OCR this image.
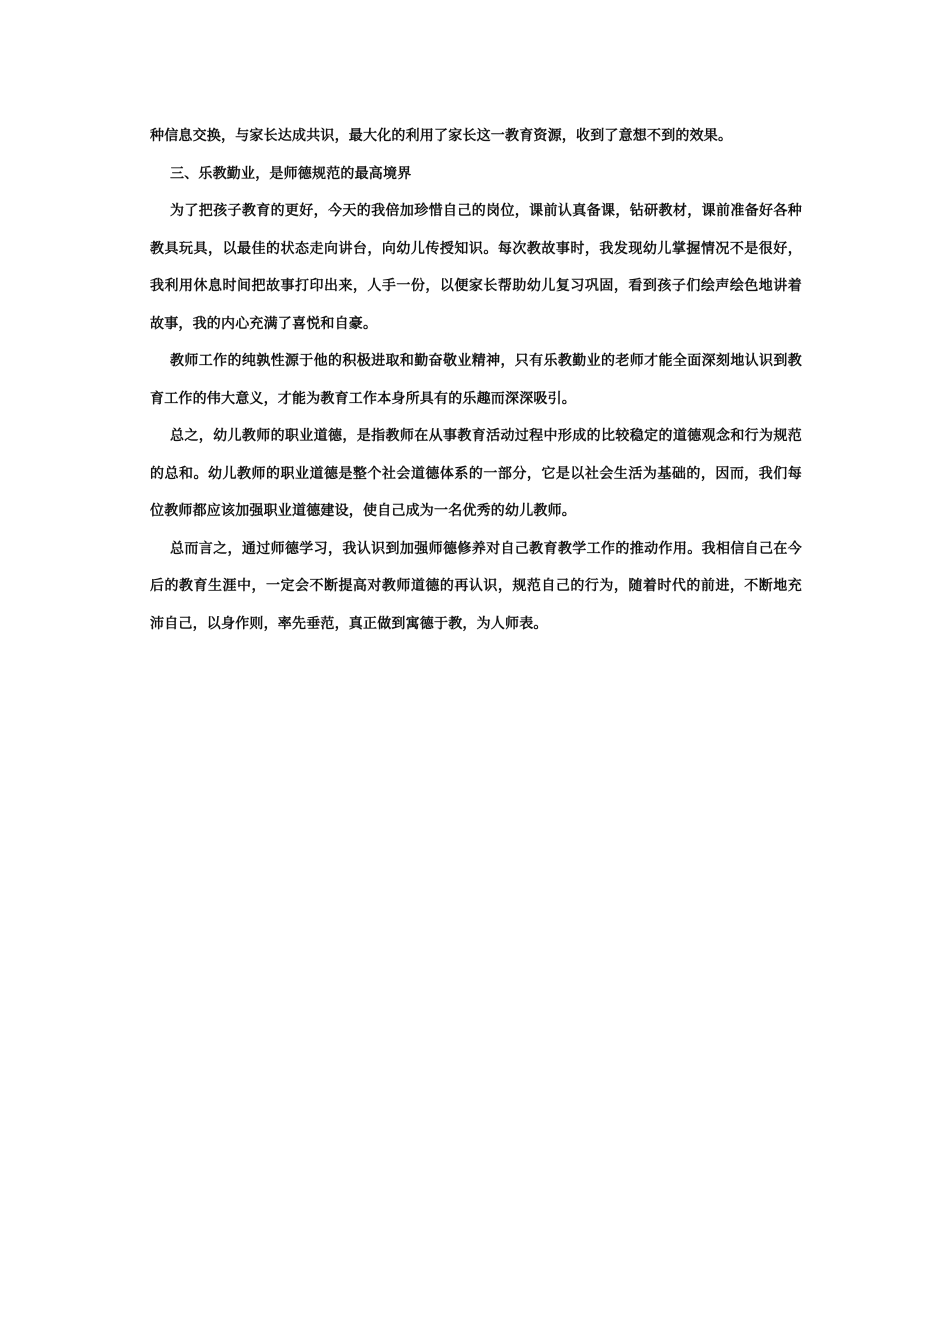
种信息交换，与家长达成共识，最大化的利用了家长这一教育资源，收到了意想不到的效果。

三、乐教勤业，是师德规范的最高境界

为了把孩子教育的更好，今天的我倍加珍惜自己的岗位，课前认真备课，钻研教材，课前准备好各种教具玩具，以最佳的状态走向讲台，向幼儿传授知识。每次教故事时，我发现幼儿掌握情况不是很好，我利用休息时间把故事打印出来，人手一份，以便家长帮助幼儿复习巩固，看到孩子们绘声绘色地讲着故事，我的内心充满了喜悦和自豪。

教师工作的纯孰性源于他的积极进取和勤奋敬业精神，只有乐教勤业的老师才能全面深刻地认识到教育工作的伟大意义，才能为教育工作本身所具有的乐趣而深深吸引。

总之，幼儿教师的职业道德，是指教师在从事教育活动过程中形成的比较稳定的道德观念和行为规范的总和。幼儿教师的职业道德是整个社会道德体系的一部分，它是以社会生活为基础的，因而，我们每位教师都应该加强职业道德建设，使自己成为一名优秀的幼儿教师。

总而言之，通过师德学习，我认识到加强师德修养对自己教育教学工作的推动作用。我相信自己在今后的教育生涯中，一定会不断提高对教师道德的再认识，规范自己的行为，随着时代的前进，不断地充沛自己，以身作则，率先垂范，真正做到寓德于教，为人师表。
